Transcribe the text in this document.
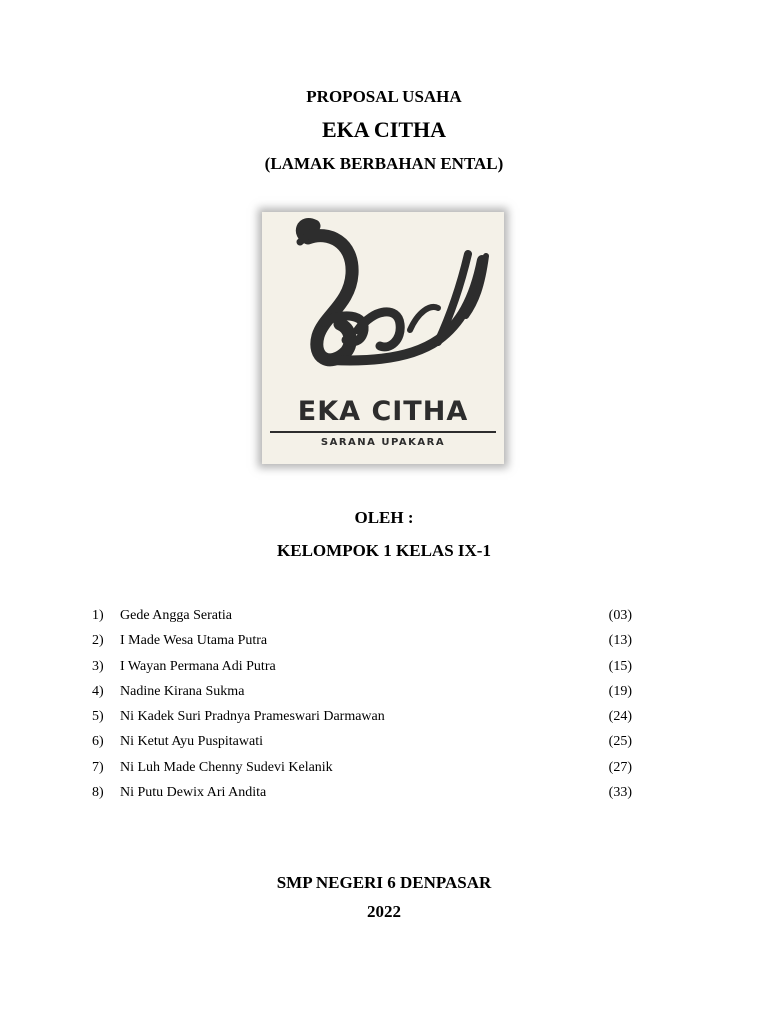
PROPOSAL USAHA
EKA CITHA
(LAMAK BERBAHAN ENTAL)
EKA CITHA
SARANA UPAKARA
OLEH :
KELOMPOK 1 KELAS IX-1
1) Gede Angga Seratia	(03)
2) I Made Wesa Utama Putra	(13)
3) I Wayan Permana Adi Putra	(15)
4) Nadine Kirana Sukma	(19)
5) Ni Kadek Suri Pradnya Prameswari Darmawan	(24)
6) Ni Ketut Ayu Puspitawati	(25)
7) Ni Luh Made Chenny Sudevi Kelanik	(27)
8) Ni Putu Dewix Ari Andita	(33)
SMP NEGERI 6 DENPASAR
2022
